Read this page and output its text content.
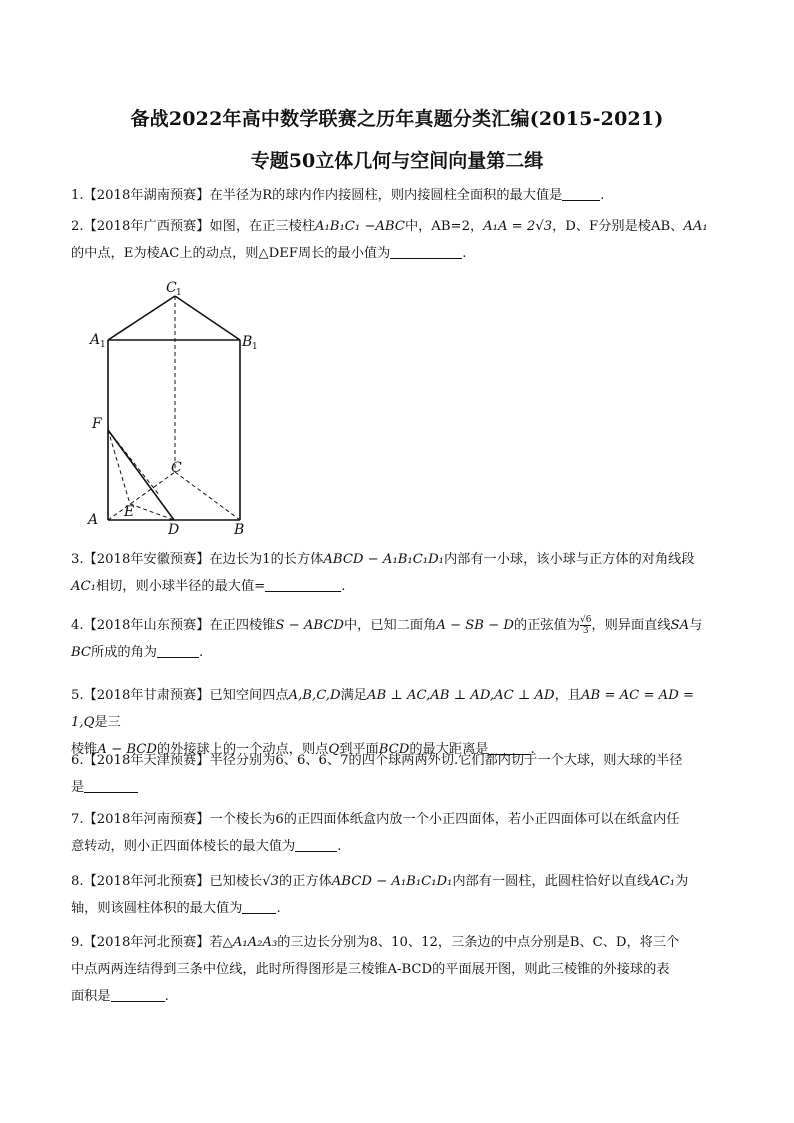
备战2022年高中数学联赛之历年真题分类汇编(2015-2021)
专题50立体几何与空间向量第二缉
1.【2018年湖南预赛】在半径为R的球内作内接圆柱，则内接圆柱全面积的最大值是	.
2.【2018年广西预赛】如图，在正三棱柱A₁B₁C₁ −ABC中，AB=2，A₁A = 2√3，D、F分别是棱AB、AA₁
的中点，E为棱AC上的动点，则△DEF周长的最小值为	.
C 1
A 1	B 1
F
C
A E
D	B
3.【2018年安徽预赛】在边长为1的长方体ABCD − A₁B₁C₁D₁内部有一小球，该小球与正方体的对角线段
AC₁相切，则小球半径的最大值=	.
4.【2018年山东预赛】在正四棱锥S − ABCD中，已知二面角A − SB − D的正弦值为 $\frac{√6}{3}$ ，则异面直线SA与
BC所成的角为	.
5.【2018年甘肃预赛】已知空间四点A,B,C,D满足AB ⊥ AC,AB ⊥ AD,AC ⊥ AD，且AB = AC = AD = 1,Q是三
棱锥A − BCD的外接球上的一个动点，则点Q到平面BCD的最大距离是	.
6.【2018年天津预赛】半径分别为6、6、6、7的四个球两两外切.它们都内切于一个大球，则大球的半径
是
7.【2018年河南预赛】一个棱长为6的正四面体纸盒内放一个小正四面体，若小正四面体可以在纸盒内任
意转动，则小正四面体棱长的最大值为	.
8.【2018年河北预赛】已知棱长√3的正方体ABCD − A₁B₁C₁D₁内部有一圆柱，此圆柱恰好以直线AC₁为
轴，则该圆柱体积的最大值为	.
9.【2018年河北预赛】若△A₁A₂A₃的三边长分别为8、10、12，三条边的中点分别是B、C、D，将三个
中点两两连结得到三条中位线，此时所得图形是三棱锥A-BCD的平面展开图，则此三棱锥的外接球的表
面积是	.
